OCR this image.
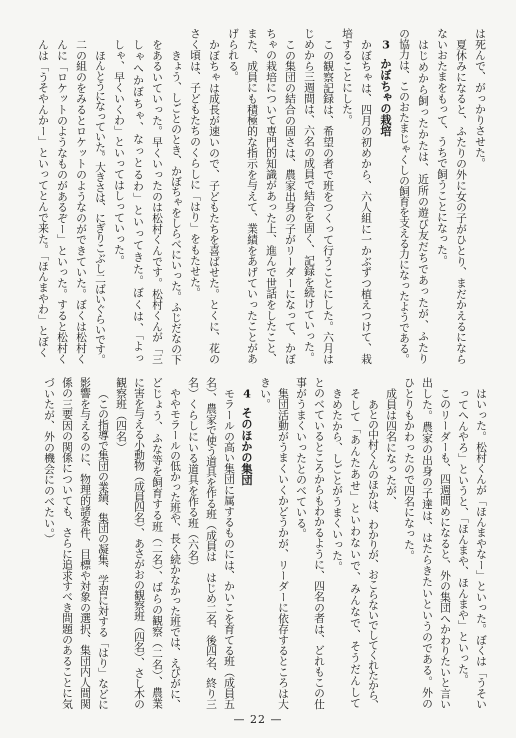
は死んで、がっかりさせた。
夏休みになると、ふたりの外に女の子がひとり、まだかえるになら
ないおたまをもって、うちで飼うことになった。
はじめから飼ったかたは、近所の遊び友だちであったが、ふたり
の協力は、このおたまじゃくしの飼育を支える力になったようである。
3かぼちゃの栽培
かぼちゃは、四月の初めから、六人組に一かぶずつ植えつけて、栽
培することにした。
この観察記録は、希望の者で班をつくって行うことにした。六月は
じめから三週間は、六名の成員で結合を固く、記録を続けていった。
この集団の結合の固さは、農家出身の子がリーダーになって、かぼ
ちゃの栽培について専門的知識があった上、進んで世話をしたこと、
また、成員にも積極的な指示を与えて、業績をあげていったことがあ
げられる。
かぼちゃは成長が速いので、子どもたちを喜ばせた。とくに、花の
さく頃は、子どもたちのくらしに「はり」をもたせた。
きょう、しごとのとき、かぼちゃをしらべにいった。ふじだなの下
をあるいていった。早くいったのは松村くんです。松村くんが「三
しゃへかぼちゃ、なっとるわ」といってきた。ぼくは、「よっ
しゃ、早くいくわ」といってはしっていった。
ほんとうになっていた。大きさは、にぎりこぶし二ばいぐらいです。
二の組のをみるとロケットのようなのができていた。ぼくは松村く
んに「ロケットのようなものがあるぞー」といった。すると松村く
んは「うそやんかー」といってとんで来た。「ほんまやわ」とぼく
はいった。松村くんが「ほんまやなー」といった。ぼくは「うそい
ってへんやろ」というと、「ほんまや、ほんまや」といった。
このリーダーも、四週間めになると、外の集団へかわりたいと言い
出した。農家の出身の子達は、はたらきたいというのである。外の
ひとりもかわったので四名になった。
成員は四名になったが、
あとの中村くんのほかは、わかりが、おこらないでしてくれたから、
そして「あんたあせ」といわないで、みんなで、そうだんして
きめたから、しごとがうまくいった。
とのべているところからもわかるように、四名の者は、どれもこの仕
事がうまくいったとのべている。
集団活動がうまくいくかどうかが、リーダーに依存するところは大
きい。
4そのほかの集団
モラールの高い集団に属するものには、かいこを育てる班（成員五
名）、農家で使う道具を作る班（成員は　はじめ二名、後四名、終り三
名）くらしにいる道具を作る班（六名）
ややモラールの低かった班や、長く続かなかった班では、えびがに、
どじょう、ふな等を飼育する班（二名）、ばらの観察（二名）、農業
に害を与える小動物（成員四名）、あさがおの観察班（四名）、さし木の
観察班（四名）
（この指導で集団の業績、集団の凝集、学習に対する「はり」などに
影響を与えるのに、物理的諸条件、目標や対象の選択、集団内人間関
係の三要因の関係についても、さらに追求すべき問題のあることに気
づいたが、外の機会にのべたい。）
— 22 —
